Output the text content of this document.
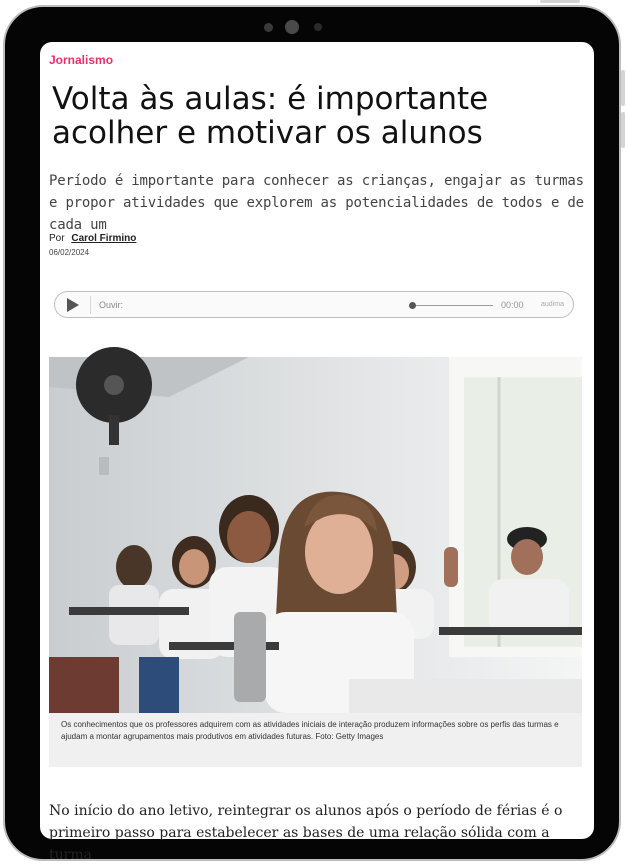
Jornalismo
Volta às aulas: é importante acolher e motivar os alunos

Período é importante para conhecer as crianças, engajar as turmas e propor atividades que explorem as potencialidades de todos e de cada um

Por Carol Firmino
06/02/2024
Ouvir:	00:00 audima

Os conhecimentos que os professores adquirem com as atividades iniciais de interação produzem informações sobre os perfis das turmas e ajudam a montar agrupamentos mais produtivos em atividades futuras. Foto: Getty Images

No início do ano letivo, reintegrar os alunos após o período de férias é o primeiro passo para estabelecer as bases de uma relação sólida com a turma
